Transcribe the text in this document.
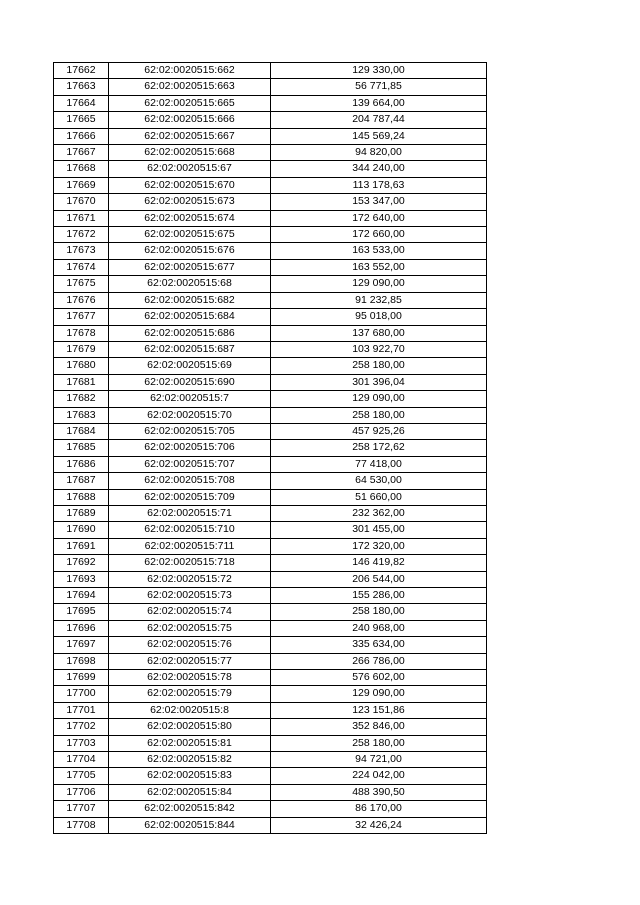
17662	62:02:0020515:662	129 330,00
17663	62:02:0020515:663	56 771,85
17664	62:02:0020515:665	139 664,00
17665	62:02:0020515:666	204 787,44
17666	62:02:0020515:667	145 569,24
17667	62:02:0020515:668	94 820,00
17668	62:02:0020515:67	344 240,00
17669	62:02:0020515:670	113 178,63
17670	62:02:0020515:673	153 347,00
17671	62:02:0020515:674	172 640,00
17672	62:02:0020515:675	172 660,00
17673	62:02:0020515:676	163 533,00
17674	62:02:0020515:677	163 552,00
17675	62:02:0020515:68	129 090,00
17676	62:02:0020515:682	91 232,85
17677	62:02:0020515:684	95 018,00
17678	62:02:0020515:686	137 680,00
17679	62:02:0020515:687	103 922,70
17680	62:02:0020515:69	258 180,00
17681	62:02:0020515:690	301 396,04
17682	62:02:0020515:7	129 090,00
17683	62:02:0020515:70	258 180,00
17684	62:02:0020515:705	457 925,26
17685	62:02:0020515:706	258 172,62
17686	62:02:0020515:707	77 418,00
17687	62:02:0020515:708	64 530,00
17688	62:02:0020515:709	51 660,00
17689	62:02:0020515:71	232 362,00
17690	62:02:0020515:710	301 455,00
17691	62:02:0020515:711	172 320,00
17692	62:02:0020515:718	146 419,82
17693	62:02:0020515:72	206 544,00
17694	62:02:0020515:73	155 286,00
17695	62:02:0020515:74	258 180,00
17696	62:02:0020515:75	240 968,00
17697	62:02:0020515:76	335 634,00
17698	62:02:0020515:77	266 786,00
17699	62:02:0020515:78	576 602,00
17700	62:02:0020515:79	129 090,00
17701	62:02:0020515:8	123 151,86
17702	62:02:0020515:80	352 846,00
17703	62:02:0020515:81	258 180,00
17704	62:02:0020515:82	94 721,00
17705	62:02:0020515:83	224 042,00
17706	62:02:0020515:84	488 390,50
17707	62:02:0020515:842	86 170,00
17708	62:02:0020515:844	32 426,24
